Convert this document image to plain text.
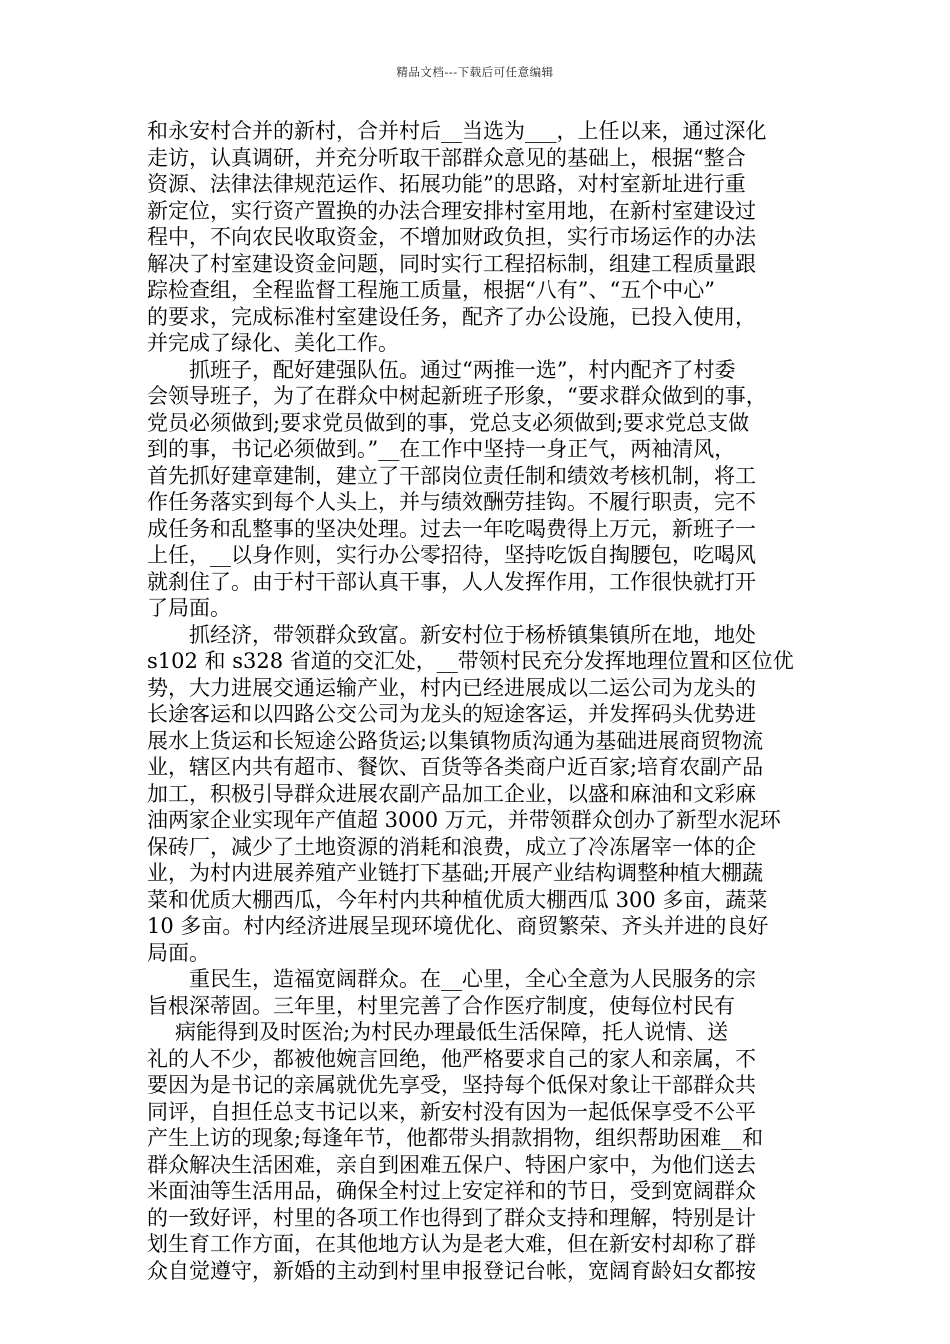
精品文档---下载后可任意编辑
和永安村合并的新村，合并村后__当选为___，上任以来，通过深化
走访，认真调研，并充分听取干部群众意见的基础上，根据“整合
资源、法律法律规范运作、拓展功能”的思路，对村室新址进行重
新定位，实行资产置换的办法合理安排村室用地，在新村室建设过
程中，不向农民收取资金，不增加财政负担，实行市场运作的办法
解决了村室建设资金问题，同时实行工程招标制，组建工程质量跟
踪检查组，全程监督工程施工质量，根据“八有”、“五个中心”
的要求，完成标准村室建设任务，配齐了办公设施，已投入使用，
并完成了绿化、美化工作。
抓班子，配好建强队伍。通过“两推一选”，村内配齐了村委
会领导班子，为了在群众中树起新班子形象，“要求群众做到的事，
党员必须做到;要求党员做到的事，党总支必须做到;要求党总支做
到的事，书记必须做到。”__在工作中坚持一身正气，两袖清风，
首先抓好建章建制，建立了干部岗位责任制和绩效考核机制，将工
作任务落实到每个人头上，并与绩效酬劳挂钩。不履行职责，完不
成任务和乱整事的坚决处理。过去一年吃喝费得上万元，新班子一
上任，__以身作则，实行办公零招待，坚持吃饭自掏腰包，吃喝风
就刹住了。由于村干部认真干事，人人发挥作用，工作很快就打开
了局面。
抓经济，带领群众致富。新安村位于杨桥镇集镇所在地，地处
s102 和 s328 省道的交汇处，__带领村民充分发挥地理位置和区位优
势，大力进展交通运输产业，村内已经进展成以二运公司为龙头的
长途客运和以四路公交公司为龙头的短途客运，并发挥码头优势进
展水上货运和长短途公路货运;以集镇物质沟通为基础进展商贸物流
业，辖区内共有超市、餐饮、百货等各类商户近百家;培育农副产品
加工，积极引导群众进展农副产品加工企业，以盛和麻油和文彩麻
油两家企业实现年产值超 3000 万元，并带领群众创办了新型水泥环
保砖厂，减少了土地资源的消耗和浪费，成立了冷冻屠宰一体的企
业，为村内进展养殖产业链打下基础;开展产业结构调整种植大棚蔬
菜和优质大棚西瓜，今年村内共种植优质大棚西瓜 300 多亩，蔬菜
10 多亩。村内经济进展呈现环境优化、商贸繁荣、齐头并进的良好
局面。
重民生，造福宽阔群众。在__心里，全心全意为人民服务的宗
旨根深蒂固。三年里，村里完善了合作医疗制度，使每位村民有
病能得到及时医治;为村民办理最低生活保障，托人说情、送
礼的人不少，都被他婉言回绝，他严格要求自己的家人和亲属，不
要因为是书记的亲属就优先享受，坚持每个低保对象让干部群众共
同评，自担任总支书记以来，新安村没有因为一起低保享受不公平
产生上访的现象;每逢年节，他都带头捐款捐物，组织帮助困难__和
群众解决生活困难，亲自到困难五保户、特困户家中，为他们送去
米面油等生活用品，确保全村过上安定祥和的节日，受到宽阔群众
的一致好评，村里的各项工作也得到了群众支持和理解，特别是计
划生育工作方面，在其他地方认为是老大难，但在新安村却称了群
众自觉遵守，新婚的主动到村里申报登记台帐，宽阔育龄妇女都按
